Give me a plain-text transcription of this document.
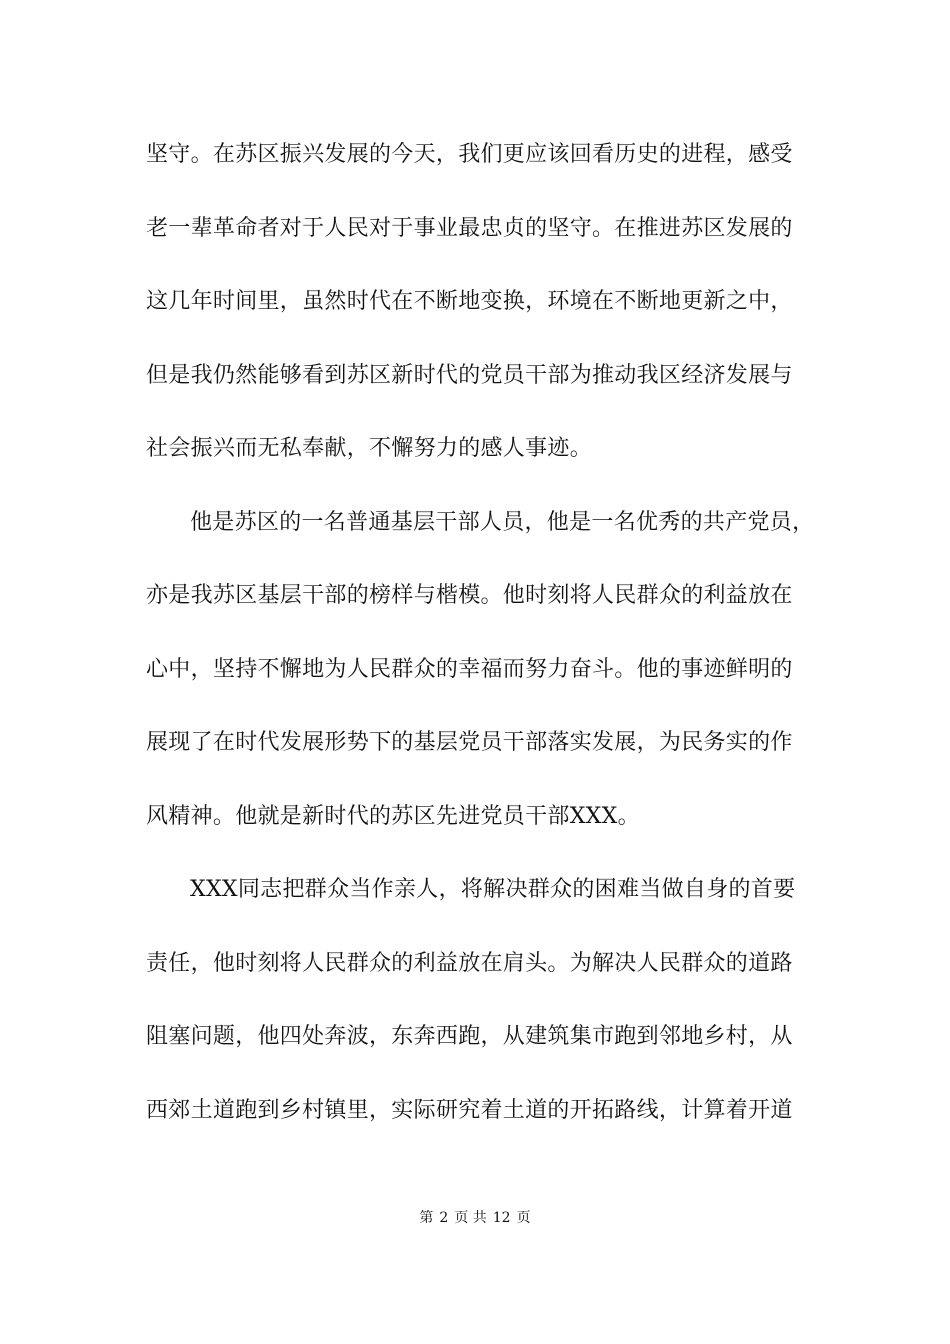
坚守。在苏区振兴发展的今天，我们更应该回看历史的进程，感受
老一辈革命者对于人民对于事业最忠贞的坚守。在推进苏区发展的
这几年时间里，虽然时代在不断地变换，环境在不断地更新之中，
但是我仍然能够看到苏区新时代的党员干部为推动我区经济发展与
社会振兴而无私奉献，不懈努力的感人事迹。
他是苏区的一名普通基层干部人员，他是一名优秀的共产党员，
亦是我苏区基层干部的榜样与楷模。他时刻将人民群众的利益放在
心中，坚持不懈地为人民群众的幸福而努力奋斗。他的事迹鲜明的
展现了在时代发展形势下的基层党员干部落实发展，为民务实的作
风精神。他就是新时代的苏区先进党员干部XXX。
XXX同志把群众当作亲人，将解决群众的困难当做自身的首要
责任，他时刻将人民群众的利益放在肩头。为解决人民群众的道路
阻塞问题，他四处奔波，东奔西跑，从建筑集市跑到邻地乡村，从
西郊土道跑到乡村镇里，实际研究着土道的开拓路线，计算着开道
第 2 页 共 12 页
